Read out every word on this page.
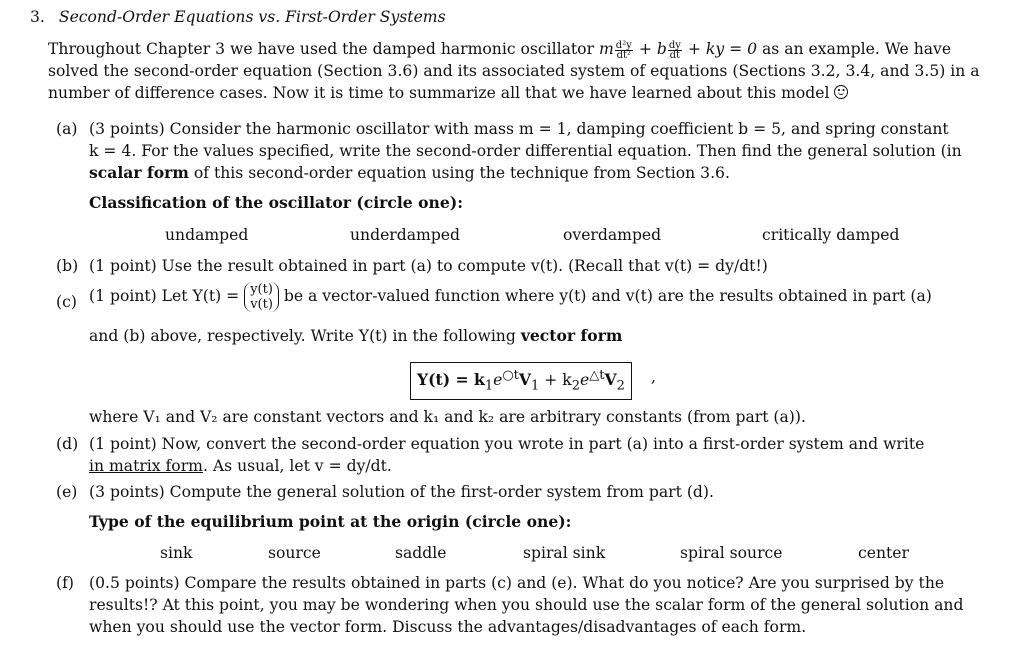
3. Second-Order Equations vs. First-Order Systems
Throughout Chapter 3 we have used the damped harmonic oscillator m $\frac{\text{d²y}}{\text{dt²}} + b \frac{dy}{dt}$ + ky = 0 as an example. We have
solved the second-order equation (Section 3.6) and its associated system of equations (Sections 3.2, 3.4, and 3.5) in a
number of difference cases. Now it is time to summarize all that we have learned about this model
(a) (3 points) Consider the harmonic oscillator with mass m = 1, damping coefficient b = 5, and spring constant
k = 4. For the values specified, write the second-order differential equation. Then find the general solution (in
scalar form of this second-order equation using the technique from Section 3.6.
Classification of the oscillator (circle one):
undamped	underdamped	overdamped	critically damped
(b) (1 point) Use the result obtained in part (a) to compute v(t). (Recall that v(t) = dy/dt!)
(c) (1 point) Let Y(t) = y(t)
v(t) be a vector-valued function where y(t) and v(t) are the results obtained in part (a)
and (b) above, respectively. Write Y(t) in the following vector form
$Y(t) = k_1e^{○t}V_1 + k_2e^{\triangle t}V_2$	,
where V₁ and V₂ are constant vectors and k₁ and k₂ are arbitrary constants (from part (a)).
(d) (1 point) Now, convert the second-order equation you wrote in part (a) into a first-order system and write
in matrix form. As usual, let v = dy/dt.
(e) (3 points) Compute the general solution of the first-order system from part (d).
Type of the equilibrium point at the origin (circle one):
sink	source	saddle	spiral sink	spiral source	center
(f) (0.5 points) Compare the results obtained in parts (c) and (e). What do you notice? Are you surprised by the
results!? At this point, you may be wondering when you should use the scalar form of the general solution and
when you should use the vector form. Discuss the advantages/disadvantages of each form.
